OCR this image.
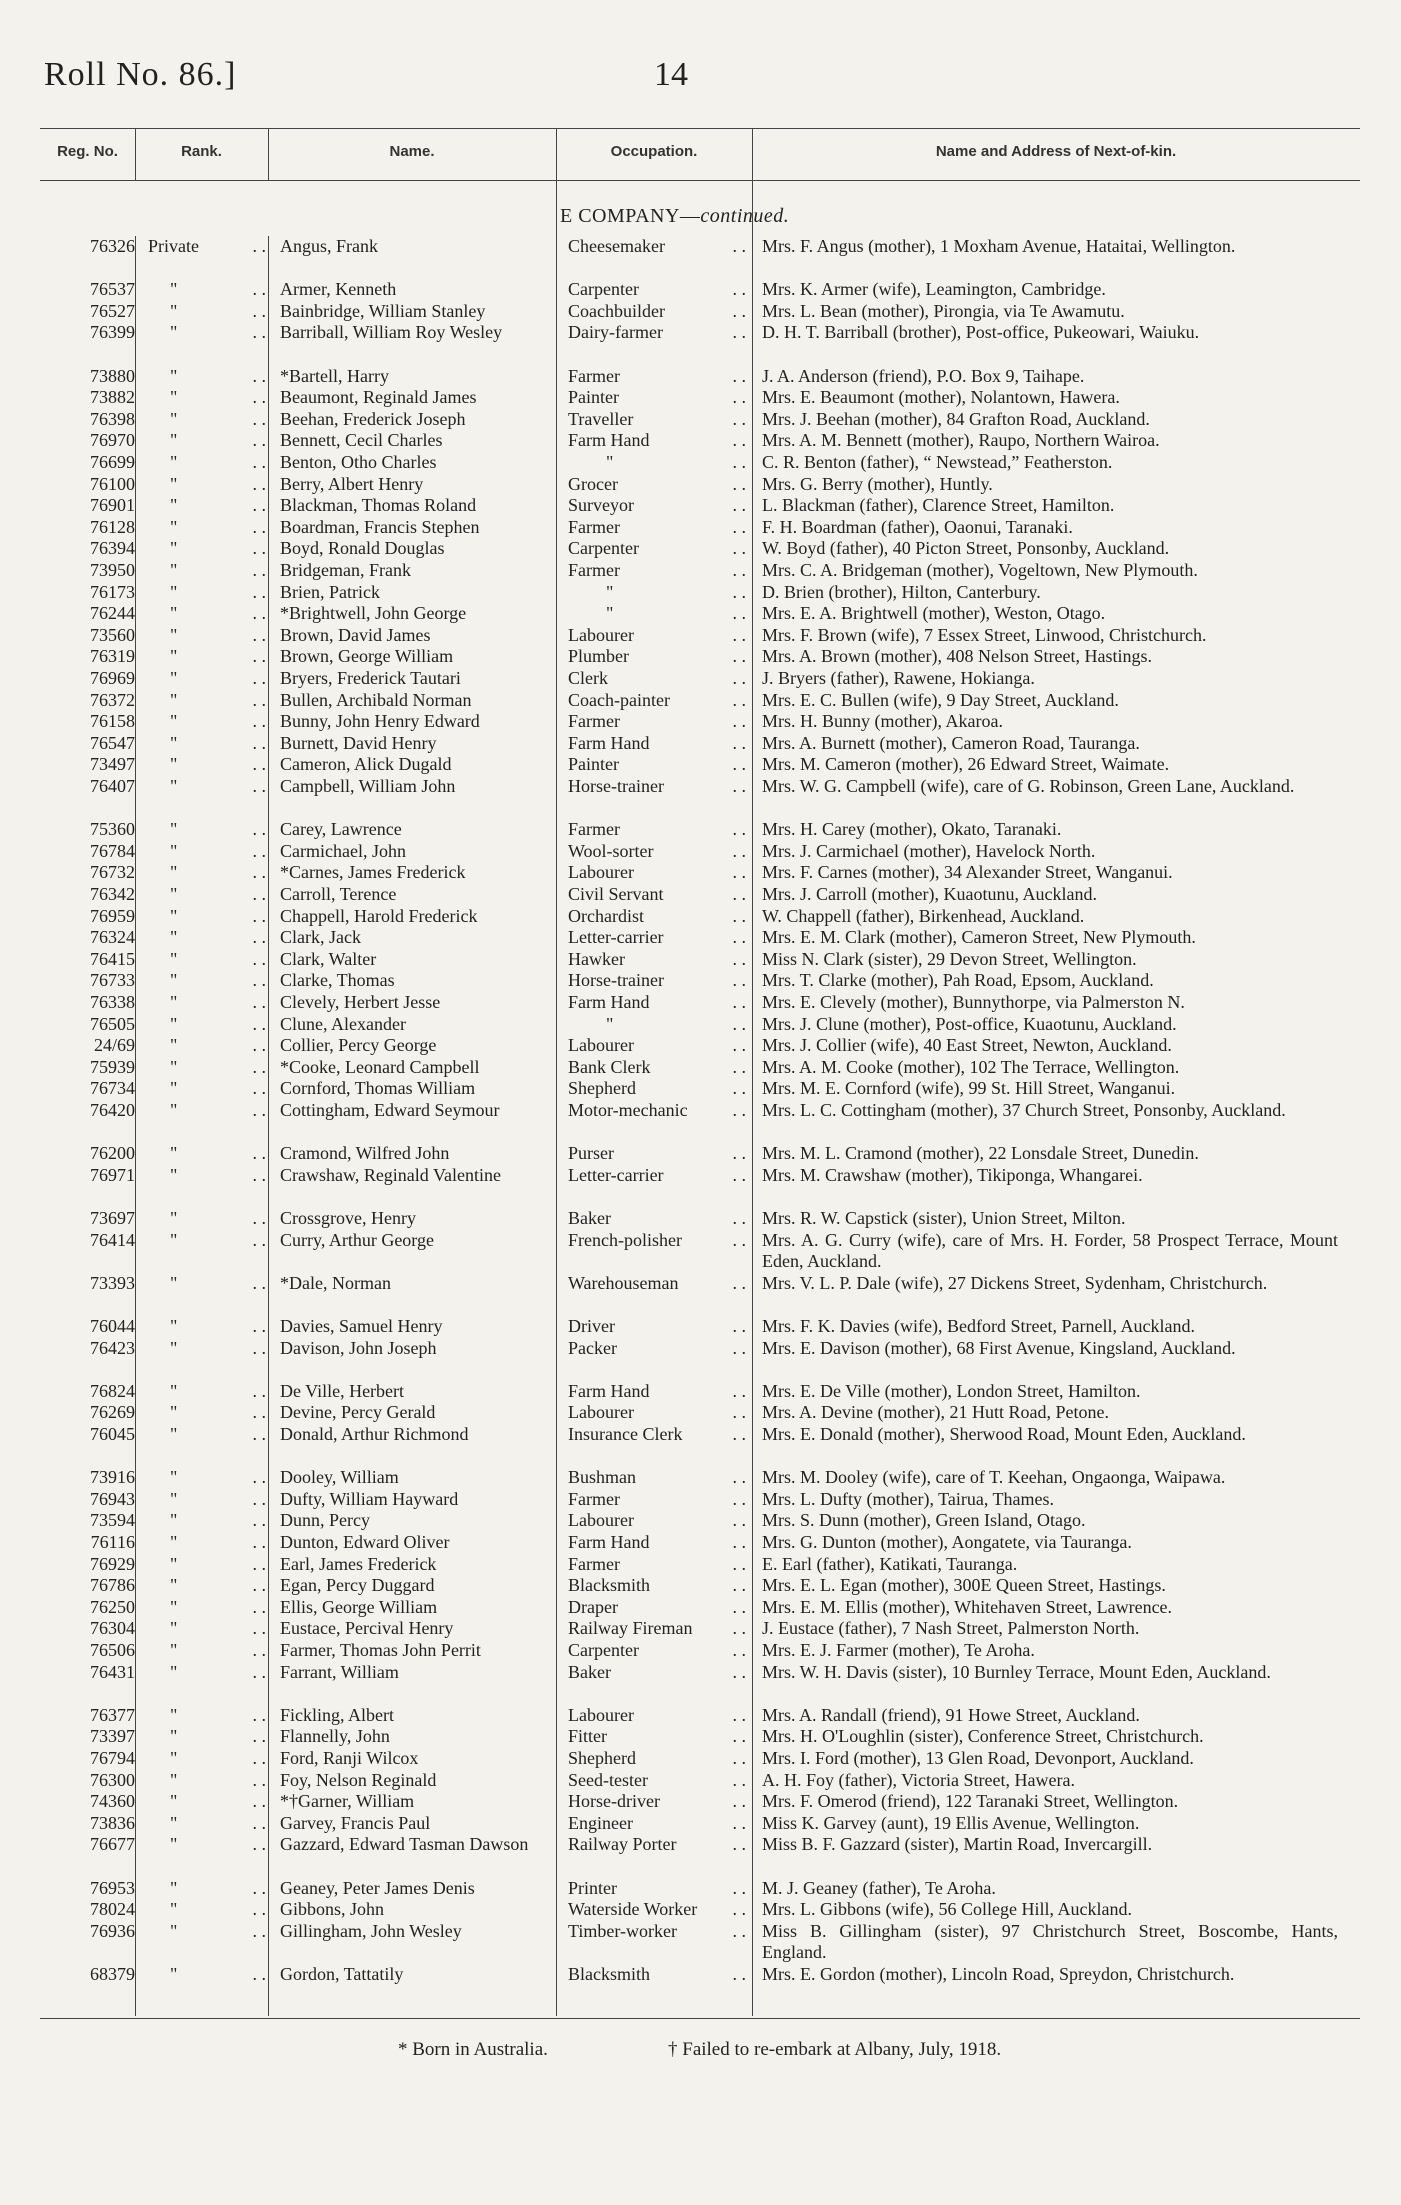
Roll No. 86.]	14
Reg. No.	Rank.	Name.	Occupation.	Name and Address of Next-of-kin.
E COMPANY—continued.
76326 Private	. . Angus, Frank	Cheesemaker	. . Mrs. F. Angus (mother), 1 Moxham Avenue, Hataitai, Wellington.
76537	"	. . Armer, Kenneth	Carpenter	. . Mrs. K. Armer (wife), Leamington, Cambridge.
76527	"	. . Bainbridge, William Stanley	Coachbuilder	. . Mrs. L. Bean (mother), Pirongia, via Te Awamutu.
76399	"	. . Barriball, William Roy Wesley	Dairy-farmer	. . D. H. T. Barriball (brother), Post-office, Pukeowari, Waiuku.
73880	"	. . *Bartell, Harry	Farmer	. . J. A. Anderson (friend), P.O. Box 9, Taihape.
73882	"	. . Beaumont, Reginald James	Painter	. . Mrs. E. Beaumont (mother), Nolantown, Hawera.
76398	"	. . Beehan, Frederick Joseph	Traveller	. . Mrs. J. Beehan (mother), 84 Grafton Road, Auckland.
76970	"	. . Bennett, Cecil Charles	Farm Hand	. . Mrs. A. M. Bennett (mother), Raupo, Northern Wairoa.
76699	"	. . Benton, Otho Charles	"	. . C. R. Benton (father), “ Newstead,” Featherston.
76100	"	. . Berry, Albert Henry	Grocer	. . Mrs. G. Berry (mother), Huntly.
76901	"	. . Blackman, Thomas Roland	Surveyor	. . L. Blackman (father), Clarence Street, Hamilton.
76128	"	. . Boardman, Francis Stephen	Farmer	. . F. H. Boardman (father), Oaonui, Taranaki.
76394	"	. . Boyd, Ronald Douglas	Carpenter	. . W. Boyd (father), 40 Picton Street, Ponsonby, Auckland.
73950	"	. . Bridgeman, Frank	Farmer	. . Mrs. C. A. Bridgeman (mother), Vogeltown, New Plymouth.
76173	"	. . Brien, Patrick	"	. . D. Brien (brother), Hilton, Canterbury.
76244	"	. . *Brightwell, John George	"	. . Mrs. E. A. Brightwell (mother), Weston, Otago.
73560	"	. . Brown, David James	Labourer	. . Mrs. F. Brown (wife), 7 Essex Street, Linwood, Christchurch.
76319	"	. . Brown, George William	Plumber	. . Mrs. A. Brown (mother), 408 Nelson Street, Hastings.
76969	"	. . Bryers, Frederick Tautari	Clerk	. . J. Bryers (father), Rawene, Hokianga.
76372	"	. . Bullen, Archibald Norman	Coach-painter	. . Mrs. E. C. Bullen (wife), 9 Day Street, Auckland.
76158	"	. . Bunny, John Henry Edward	Farmer	. . Mrs. H. Bunny (mother), Akaroa.
76547	"	. . Burnett, David Henry	Farm Hand	. . Mrs. A. Burnett (mother), Cameron Road, Tauranga.
73497	"	. . Cameron, Alick Dugald	Painter	. . Mrs. M. Cameron (mother), 26 Edward Street, Waimate.
76407	"	. . Campbell, William John	Horse-trainer	. . Mrs. W. G. Campbell (wife), care of G. Robinson, Green Lane, Auckland.
75360	"	. . Carey, Lawrence	Farmer	. . Mrs. H. Carey (mother), Okato, Taranaki.
76784	"	. . Carmichael, John	Wool-sorter	. . Mrs. J. Carmichael (mother), Havelock North.
76732	"	. . *Carnes, James Frederick	Labourer	. . Mrs. F. Carnes (mother), 34 Alexander Street, Wanganui.
76342	"	. . Carroll, Terence	Civil Servant	. . Mrs. J. Carroll (mother), Kuaotunu, Auckland.
76959	"	. . Chappell, Harold Frederick	Orchardist	. . W. Chappell (father), Birkenhead, Auckland.
76324	"	. . Clark, Jack	Letter-carrier	. . Mrs. E. M. Clark (mother), Cameron Street, New Plymouth.
76415	"	. . Clark, Walter	Hawker	. . Miss N. Clark (sister), 29 Devon Street, Wellington.
76733	"	. . Clarke, Thomas	Horse-trainer	. . Mrs. T. Clarke (mother), Pah Road, Epsom, Auckland.
76338	"	. . Clevely, Herbert Jesse	Farm Hand	. . Mrs. E. Clevely (mother), Bunnythorpe, via Palmerston N.
76505	"	. . Clune, Alexander	"	. . Mrs. J. Clune (mother), Post-office, Kuaotunu, Auckland.
24/69	"	. . Collier, Percy George	Labourer	. . Mrs. J. Collier (wife), 40 East Street, Newton, Auckland.
75939	"	. . *Cooke, Leonard Campbell	Bank Clerk	. . Mrs. A. M. Cooke (mother), 102 The Terrace, Wellington.
76734	"	. . Cornford, Thomas William	Shepherd	. . Mrs. M. E. Cornford (wife), 99 St. Hill Street, Wanganui.
76420	"	. . Cottingham, Edward Seymour	Motor-mechanic . . Mrs. L. C. Cottingham (mother), 37 Church Street, Ponsonby, Auckland.
76200	"	. . Cramond, Wilfred John	Purser	. . Mrs. M. L. Cramond (mother), 22 Lonsdale Street, Dunedin.
76971	"	. . Crawshaw, Reginald Valentine	Letter-carrier	. . Mrs. M. Crawshaw (mother), Tikiponga, Whangarei.
73697	"	. . Crossgrove, Henry	Baker	. . Mrs. R. W. Capstick (sister), Union Street, Milton.
76414	"	. . Curry, Arthur George	French-polisher	. . Mrs. A. G. Curry (wife), care of Mrs. H. Forder, 58 Prospect Terrace, Mount Eden, Auckland.
73393	"	. . *Dale, Norman	Warehouseman	. . Mrs. V. L. P. Dale (wife), 27 Dickens Street, Sydenham, Christchurch.
76044	"	. . Davies, Samuel Henry	Driver	. . Mrs. F. K. Davies (wife), Bedford Street, Parnell, Auckland.
76423	"	. . Davison, John Joseph	Packer	. . Mrs. E. Davison (mother), 68 First Avenue, Kingsland, Auckland.
76824	"	. . De Ville, Herbert	Farm Hand	. . Mrs. E. De Ville (mother), London Street, Hamilton.
76269	"	. . Devine, Percy Gerald	Labourer	. . Mrs. A. Devine (mother), 21 Hutt Road, Petone.
76045	"	. . Donald, Arthur Richmond	Insurance Clerk	. . Mrs. E. Donald (mother), Sherwood Road, Mount Eden, Auckland.
73916	"	. . Dooley, William	Bushman	. . Mrs. M. Dooley (wife), care of T. Keehan, Ongaonga, Waipawa.
76943	"	. . Dufty, William Hayward	Farmer	. . Mrs. L. Dufty (mother), Tairua, Thames.
73594	"	. . Dunn, Percy	Labourer	. . Mrs. S. Dunn (mother), Green Island, Otago.
76116	"	. . Dunton, Edward Oliver	Farm Hand	. . Mrs. G. Dunton (mother), Aongatete, via Tauranga.
76929	"	. . Earl, James Frederick	Farmer	. . E. Earl (father), Katikati, Tauranga.
76786	"	. . Egan, Percy Duggard	Blacksmith	. . Mrs. E. L. Egan (mother), 300E Queen Street, Hastings.
76250	"	. . Ellis, George William	Draper	. . Mrs. E. M. Ellis (mother), Whitehaven Street, Lawrence.
76304	"	. . Eustace, Percival Henry	Railway Fireman . . J. Eustace (father), 7 Nash Street, Palmerston North.
76506	"	. . Farmer, Thomas John Perrit	Carpenter	. . Mrs. E. J. Farmer (mother), Te Aroha.
76431	"	. . Farrant, William	Baker	. . Mrs. W. H. Davis (sister), 10 Burnley Terrace, Mount Eden, Auckland.
76377	"	. . Fickling, Albert	Labourer	. . Mrs. A. Randall (friend), 91 Howe Street, Auckland.
73397	"	. . Flannelly, John	Fitter	. . Mrs. H. O'Loughlin (sister), Conference Street, Christchurch.
76794	"	. . Ford, Ranji Wilcox	Shepherd	. . Mrs. I. Ford (mother), 13 Glen Road, Devonport, Auckland.
76300	"	. . Foy, Nelson Reginald	Seed-tester	. . A. H. Foy (father), Victoria Street, Hawera.
74360	"	. . *†Garner, William	Horse-driver	. . Mrs. F. Omerod (friend), 122 Taranaki Street, Wellington.
73836	"	. . Garvey, Francis Paul	Engineer	. . Miss K. Garvey (aunt), 19 Ellis Avenue, Wellington.
76677	"	. . Gazzard, Edward Tasman Dawson	Railway Porter	. . Miss B. F. Gazzard (sister), Martin Road, Invercargill.
76953	"	. . Geaney, Peter James Denis	Printer	. . M. J. Geaney (father), Te Aroha.
78024	"	. . Gibbons, John	Waterside Worker . . Mrs. L. Gibbons (wife), 56 College Hill, Auckland.
76936	"	. . Gillingham, John Wesley	Timber-worker	. . Miss B. Gillingham (sister), 97 Christchurch Street, Boscombe, Hants, England.
68379	"	. . Gordon, Tattatily	Blacksmith	. . Mrs. E. Gordon (mother), Lincoln Road, Spreydon, Christchurch.
* Born in Australia.	† Failed to re-embark at Albany, July, 1918.
